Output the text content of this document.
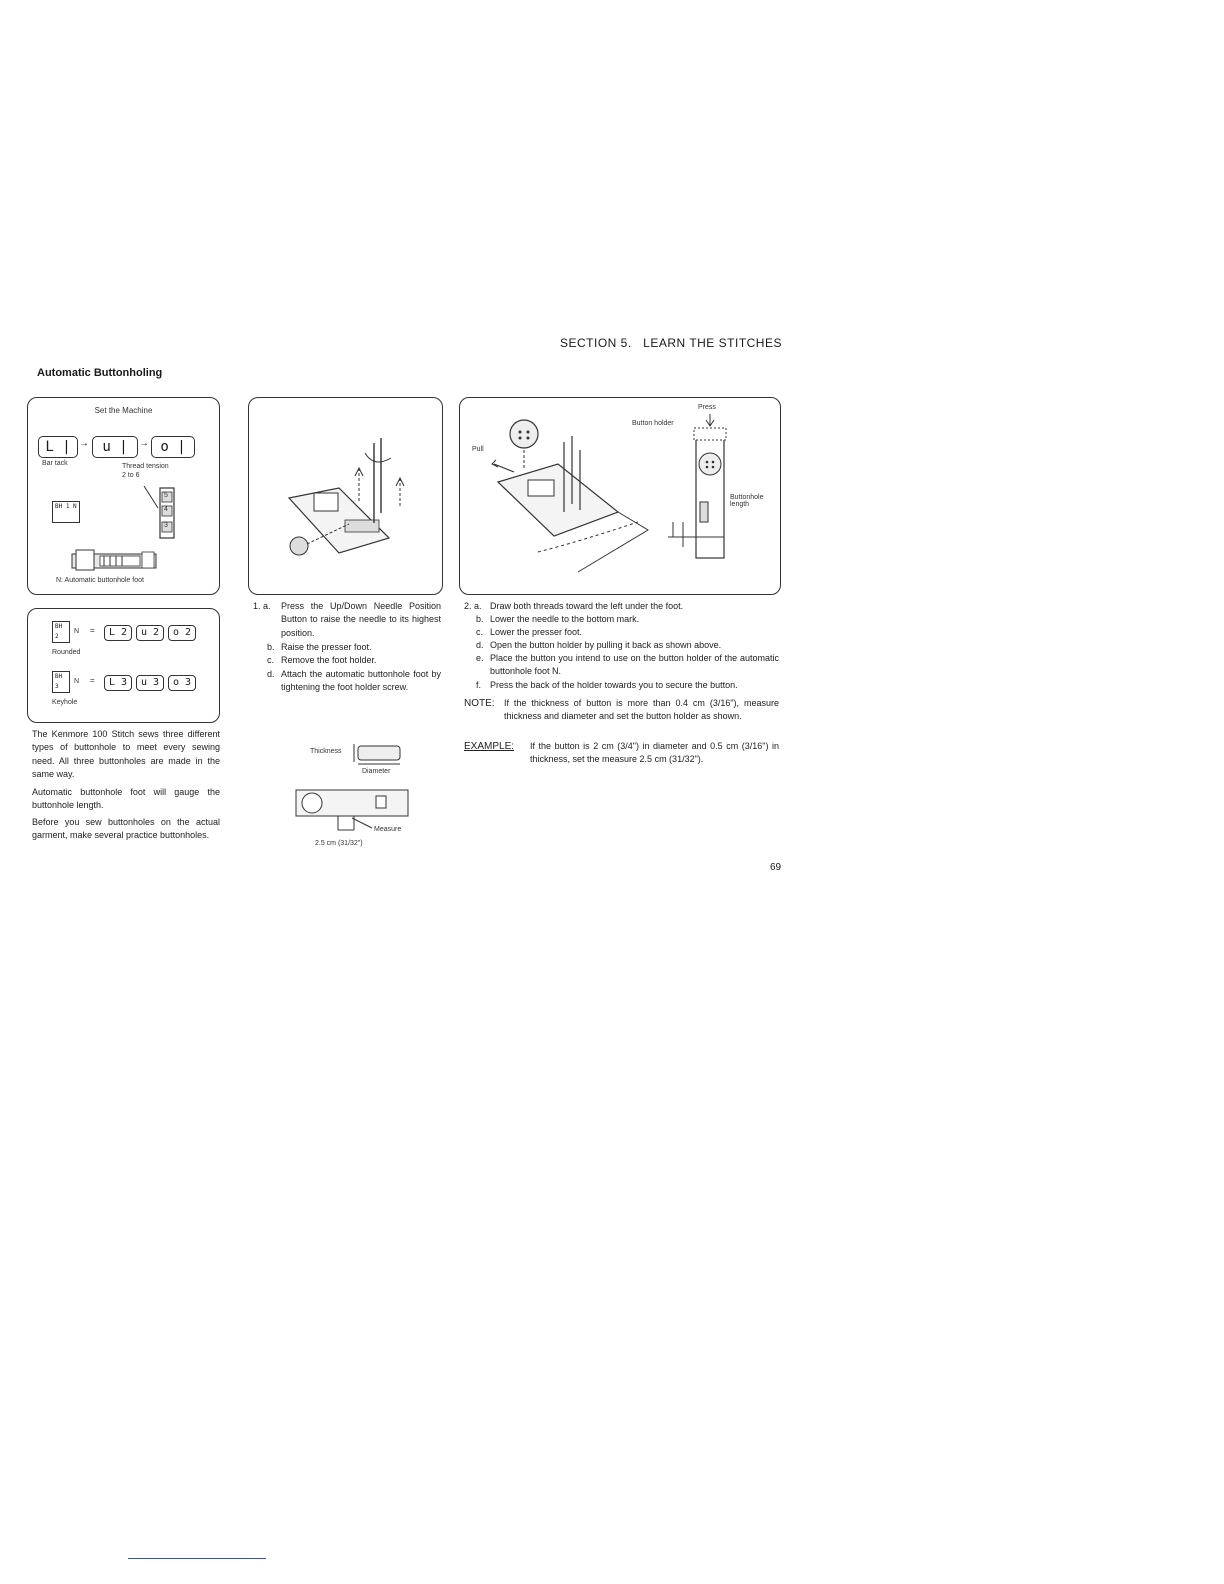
SECTION 5.   LEARN THE STITCHES
Automatic Buttonholing
Set the Machine
L | → u |	→ o |
Bar tack	Thread tension
2 to 6
BH 1 N
5
4
3
N: Automatic buttonhole foot
BH 2
N =	L 2	u 2	o 2
Rounded
BH 3
N =	L 3	u 3	o 3
Keyhole
The Kenmore 100 Stitch sews three different types of buttonhole to meet every sewing need. All three buttonholes are made in the same way.
Automatic buttonhole foot will gauge the buttonhole length.
Before you sew buttonholes on the actual garment, make several practice buttonholes.
1. a. Press the Up/Down Needle Position Button to raise the needle to its highest position.
b. Raise the presser foot.
c. Remove the foot holder.
d. Attach the automatic buttonhole foot by tightening the foot holder screw.
Thickness
Diameter
Measure
2.5 cm (31/32")
Press
Button holder
Pull
Buttonhole length
2. a. Draw both threads toward the left under the foot.
b. Lower the needle to the bottom mark.
c. Lower the presser foot.
d. Open the button holder by pulling it back as shown above.
e. Place the button you intend to use on the button holder of the automatic buttonhole foot N.
f. Press the back of the holder towards you to secure the button.
NOTE: If the thickness of button is more than 0.4 cm (3/16"), measure thickness and diameter and set the button holder as shown.
EXAMPLE: If the button is 2 cm (3/4") in diameter and 0.5 cm (3/16") in thickness, set the measure 2.5 cm (31/32").
69
